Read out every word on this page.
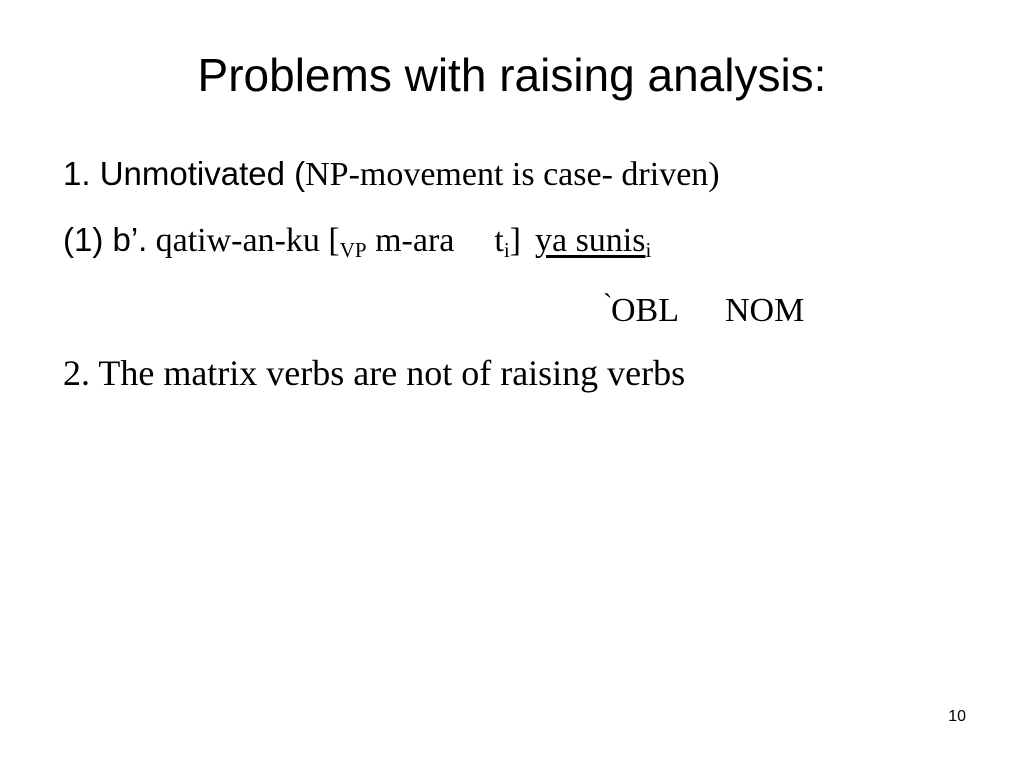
Problems with raising analysis:
1. Unmotivated (NP-movement is case- driven)
(1) b’. qatiw-an-ku [$_{VP}$ m-ara $t_i$] ya sunis$_i$
`OBL NOM
2. The matrix verbs are not of raising verbs
10
